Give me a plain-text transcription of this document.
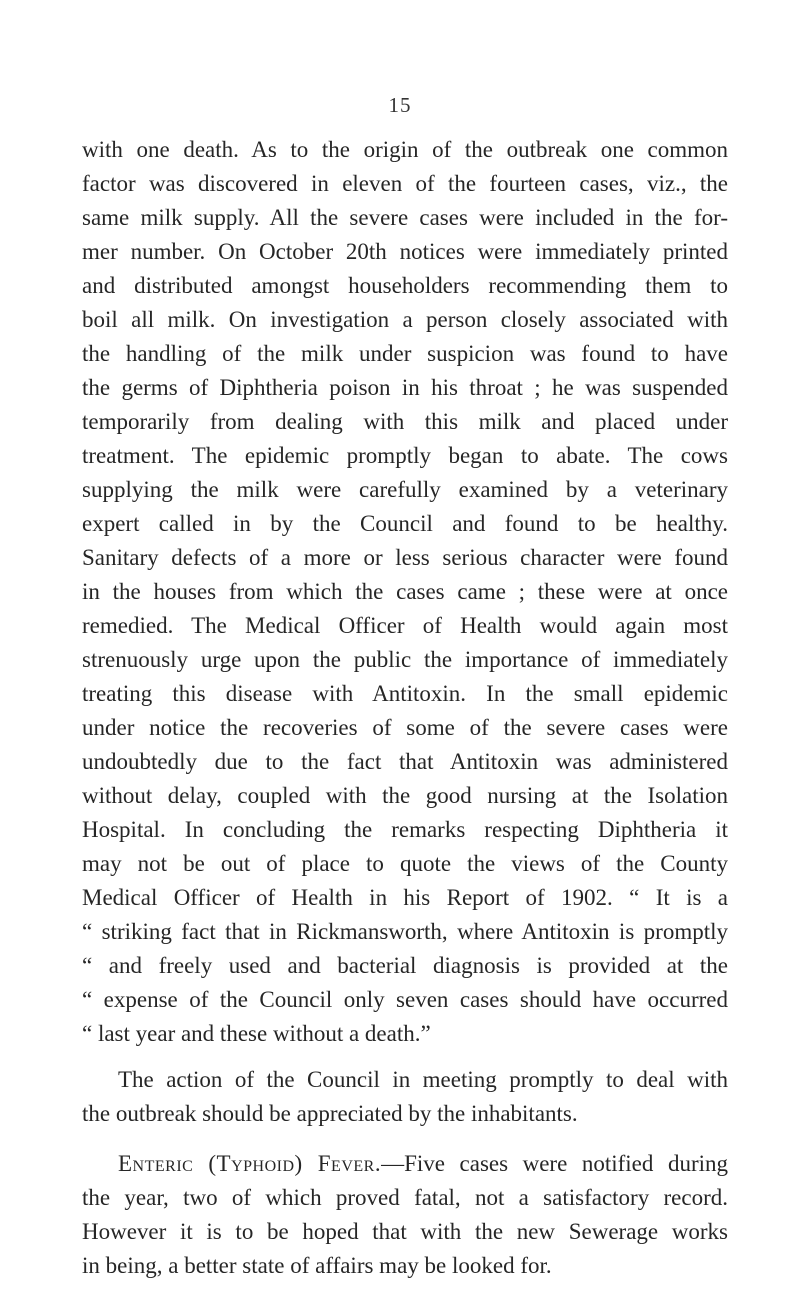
15
with one death. As to the origin of the outbreak one common
factor was discovered in eleven of the fourteen cases, viz., the
same milk supply. All the severe cases were included in the for-
mer number. On October 20th notices were immediately printed
and distributed amongst householders recommending them to
boil all milk. On investigation a person closely associated with
the handling of the milk under suspicion was found to have
the germs of Diphtheria poison in his throat ; he was suspended
temporarily from dealing with this milk and placed under
treatment. The epidemic promptly began to abate. The cows
supplying the milk were carefully examined by a veterinary
expert called in by the Council and found to be healthy.
Sanitary defects of a more or less serious character were found
in the houses from which the cases came ; these were at once
remedied. The Medical Officer of Health would again most
strenuously urge upon the public the importance of immediately
treating this disease with Antitoxin. In the small epidemic
under notice the recoveries of some of the severe cases were
undoubtedly due to the fact that Antitoxin was administered
without delay, coupled with the good nursing at the Isolation
Hospital. In concluding the remarks respecting Diphtheria it
may not be out of place to quote the views of the County
Medical Officer of Health in his Report of 1902. “ It is a
“ striking fact that in Rickmansworth, where Antitoxin is promptly
“ and freely used and bacterial diagnosis is provided at the
“ expense of the Council only seven cases should have occurred
“ last year and these without a death.”
The action of the Council in meeting promptly to deal with
the outbreak should be appreciated by the inhabitants.
Enteric (Typhoid) Fever.—Five cases were notified during
the year, two of which proved fatal, not a satisfactory record.
However it is to be hoped that with the new Sewerage works
in being, a better state of affairs may be looked for.
